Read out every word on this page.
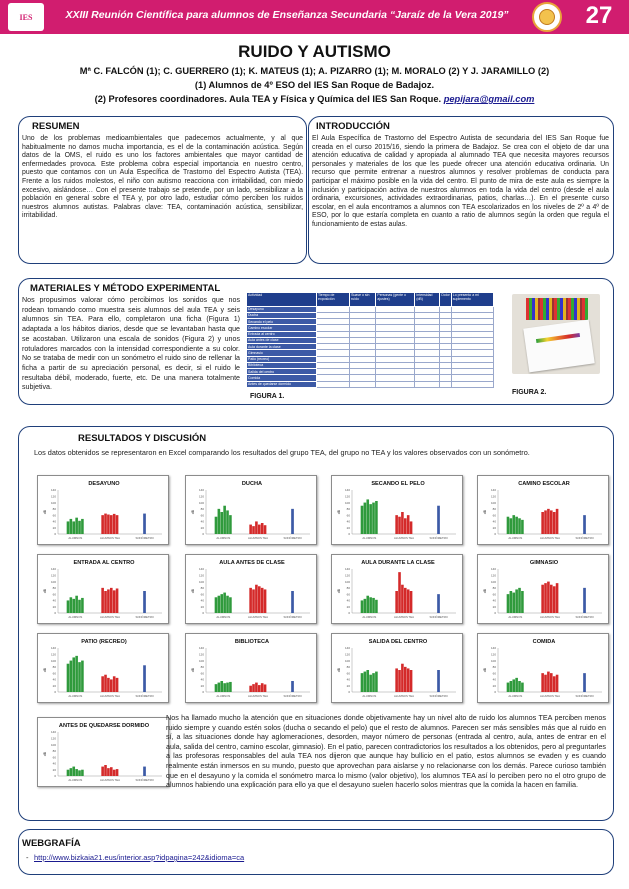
IES	XXIII Reunión Científica para alumnos de Enseñanza Secundaria “Jaraíz de la Vera 2019”	27
RUIDO Y AUTISMO
Mª C. FALCÓN (1); C. GUERRERO (1); K. MATEUS (1); A. PIZARRO (1); M. MORALO (2) Y J. JARAMILLO (2)
(1) Alumnos de 4º ESO del IES San Roque de Badajoz.
(2) Profesores coordinadores. Aula TEA y Física y Química del IES San Roque. pepijara@gmail.com
RESUMEN
Uno de los problemas medioambientales que padecemos actualmente, y al que habitualmente no damos mucha importancia, es el de la contaminación acústica. Según datos de la OMS, el ruido es uno los factores ambientales que mayor cantidad de enfermedades provoca. Este problema cobra especial importancia en nuestro centro, puesto que contamos con un Aula Específica de Trastorno del Espectro Autista (TEA). Frente a los ruidos molestos, el niño con autismo reacciona con irritabilidad, con miedo excesivo, aislándose… Con el presente trabajo se pretende, por un lado, sensibilizar a la población en general sobre el TEA y, por otro lado, estudiar cómo perciben los ruidos nuestros alumnos autistas. Palabras clave: TEA, contaminación acústica, sensibilizar, irritabilidad.
INTRODUCCIÓN
El Aula Específica de Trastorno del Espectro Autista de secundaria del IES San Roque fue creada en el curso 2015/16, siendo la primera de Badajoz. Se crea con el objeto de dar una atención educativa de calidad y apropiada al alumnado TEA que necesita mayores recursos personales y materiales de los que les puede ofrecer una atención educativa ordinaria. Un recurso que permite entrenar a nuestros alumnos y resolver problemas de conducta para participar el máximo posible en la vida del centro. El punto de mira de este aula es siempre la inclusión y participación activa de nuestros alumnos en toda la vida del centro (desde el aula ordinaria, excursiones, actividades extraordinarias, patios, charlas…). En el presente curso escolar, en el aula encontramos a alumnos con TEA escolarizados en los niveles de 2º a 4º de ESO, por lo que estaría completa en cuanto a ratio de alumnos según la orden que regula el funcionamiento de estas aulas.
MATERIALES Y MÉTODO EXPERIMENTAL
Nos propusimos valorar cómo percibimos los sonidos que nos rodean tomando como muestra seis alumnos del aula TEA y seis alumnos sin TEA. Para ello, completaron una ficha (Figura 1) adaptada a los hábitos diarios, desde que se levantaban hasta que se acostaban. Utilizaron una escala de sonidos (Figura 2) y unos rotuladores marcados con la intensidad correspondiente a su color. No se trataba de medir con un sonómetro el ruido sino de rellenar la ficha a partir de su apreciación personal, es decir, si el ruido le resultaba débil, moderado, fuerte, etc. De una manera totalmente subjetiva.
Actividad	Tiempo de exposición	Suave o sin ruido	Personas (gente o ajustes)	Intensidad (dB)	Dolor	Lo presento a mi suplemento
Desayuno						
Ducha						
Secando el pelo						
Camino escolar						
Entrada al centro						
Aula antes de clase						
Aula durante la clase						
Gimnasio						
Patio (recreo)						
Biblioteca						
Salida del centro						
Comida						
Antes de quedarse dormido						
FIGURA 1.
FIGURA 2.
RESULTADOS Y DISCUSIÓN
Los datos obtenidos se representaron en Excel comparando los resultados del grupo TEA, del grupo no TEA y los valores observados con un sonómetro.
DESAYUNO
0
20
40
60
80
100
120
140
dB
ALUMNOS	ALUMNOS TEA	SONÓMETRO
DUCHA
0
20
40
60
80
100
120
140
dB
ALUMNOS	ALUMNOS TEA	SONÓMETRO
SECANDO EL PELO
0
20
40
60
80
100
120
140
dB
ALUMNOS	ALUMNOS TEA	SONÓMETRO
CAMINO ESCOLAR
0
20
40
60
80
100
120
140
dB
ALUMNOS	ALUMNOS TEA	SONÓMETRO
ENTRADA AL CENTRO
0
20
40
60
80
100
120
140
dB
ALUMNOS	ALUMNOS TEA	SONÓMETRO
AULA ANTES DE CLASE
0
20
40
60
80
100
120
140
dB
ALUMNOS	ALUMNOS TEA	SONÓMETRO
AULA DURANTE LA CLASE
0
20
40
60
80
100
120
140
dB
ALUMNOS	ALUMNOS TEA	SONÓMETRO
GIMNASIO
0
20
40
60
80
100
120
140
dB
ALUMNOS	ALUMNOS TEA	SONÓMETRO
PATIO (RECREO)
0
20
40
60
80
100
120
140
dB
ALUMNOS	ALUMNOS TEA	SONÓMETRO
BIBLIOTECA
0
20
40
60
80
100
120
140
dB
ALUMNOS	ALUMNOS TEA	SONÓMETRO
SALIDA DEL CENTRO
0
20
40
60
80
100
120
140
dB
ALUMNOS	ALUMNOS TEA	SONÓMETRO
COMIDA
0
20
40
60
80
100
120
140
dB
ALUMNOS	ALUMNOS TEA	SONÓMETRO
ANTES DE QUEDARSE DORMIDO
0
20
40
60
80
100
120
140
dB
ALUMNOS	ALUMNOS TEA	SONÓMETRO
Nos ha llamado mucho la atención que en situaciones donde objetivamente hay un nivel alto de ruido los alumnos TEA perciben menos ruido siempre y cuando estén solos (ducha o secando el pelo) que el resto de alumnos. Parecen ser más sensibles más que al ruido en sí, a las situaciones donde hay aglomeraciones, desorden, mayor número de personas (entrada al centro, aula, antes de entrar en el aula, salida del centro, camino escolar, gimnasio). En el patio, parecen contradictorios los resultados a los obtenidos, pero al preguntarles a las profesoras responsables del aula TEA nos dijeron que aunque hay bullicio en el patio, estos alumnos se evaden y es cuando realmente están inmersos en su mundo, puesto que aprovechan para aislarse y no relacionarse con los demás. Parece curioso también que en el desayuno y la comida el sonómetro marca lo mismo (valor objetivo), los alumnos TEA así lo perciben pero no el otro grupo de alumnos habiendo una explicación para ello ya que el desayuno suelen hacerlo solos mientras que la comida la hacen en familia.
WEBGRAFÍA
- http://www.bizkaia21.eus/interior.asp?idpagina=242&idioma=ca
